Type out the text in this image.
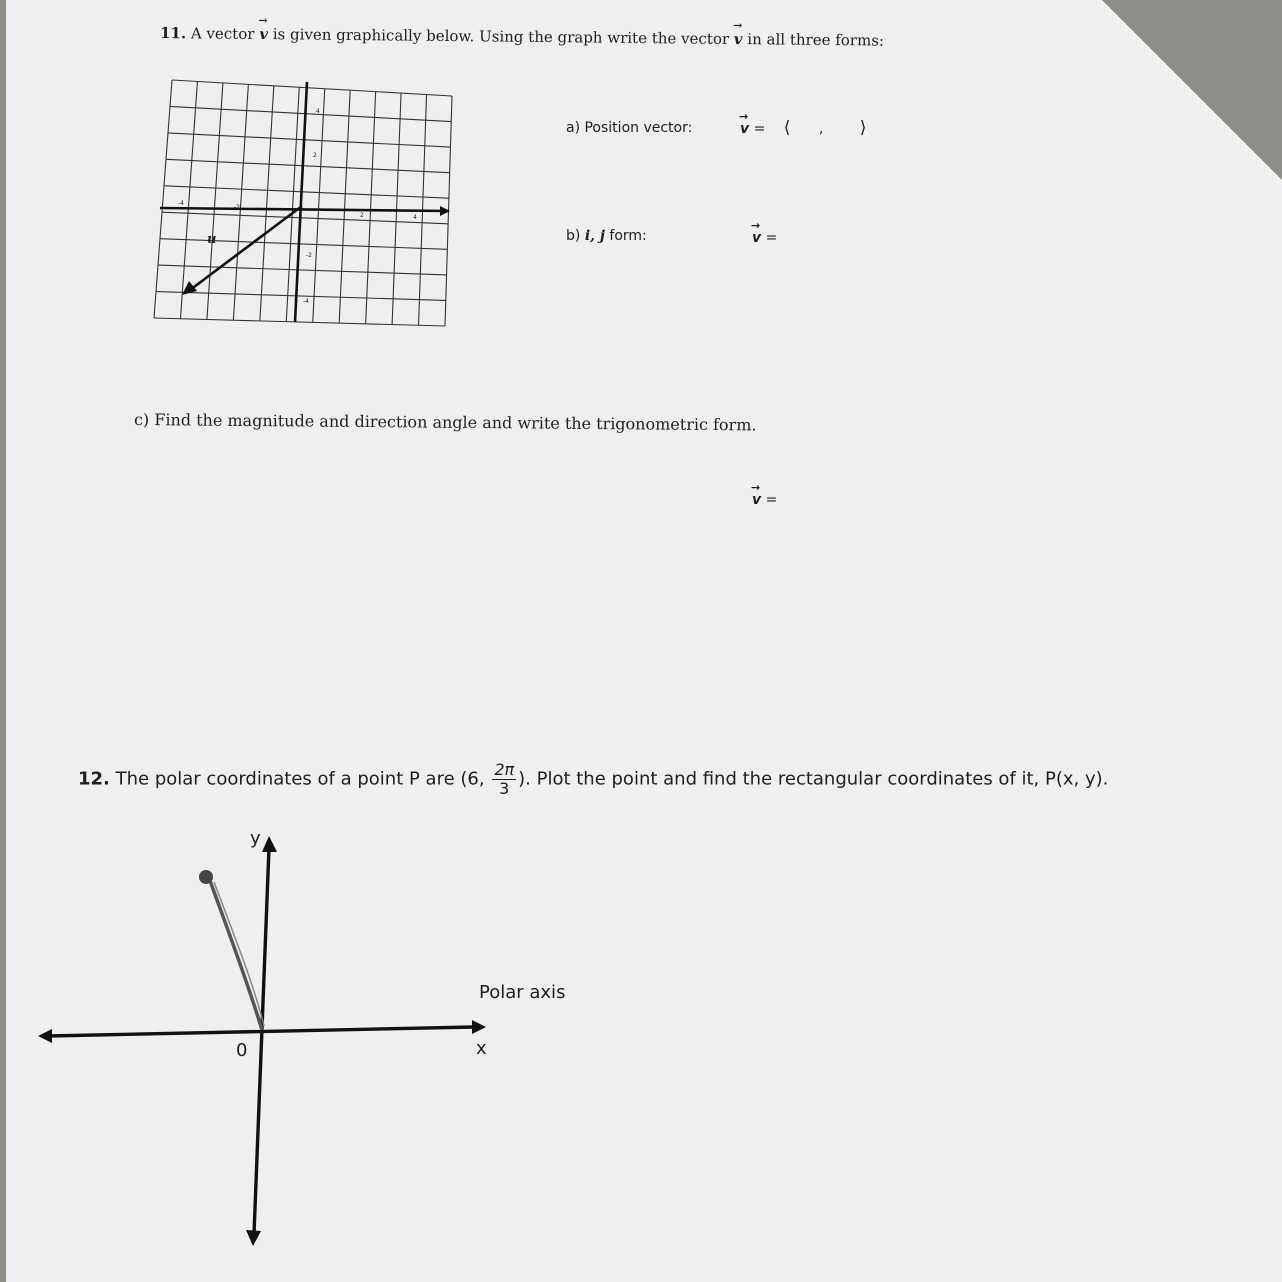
11. A vector → v is given graphically below. Using the graph write the vector → v in all three forms:
u
-4
-2
2	4
4
2
-2
-4
a) Position vector:	→ v = ⟨ , ⟩
b) i, j form:	→ v =
c) Find the magnitude and direction angle and write the trigonometric form.
→ v =
12. The polar coordinates of a point P are (6, $\frac{2\pi}{3}$ ). Plot the point and find the rectangular coordinates of it, P(x, y).
y
0	x
Polar axis
